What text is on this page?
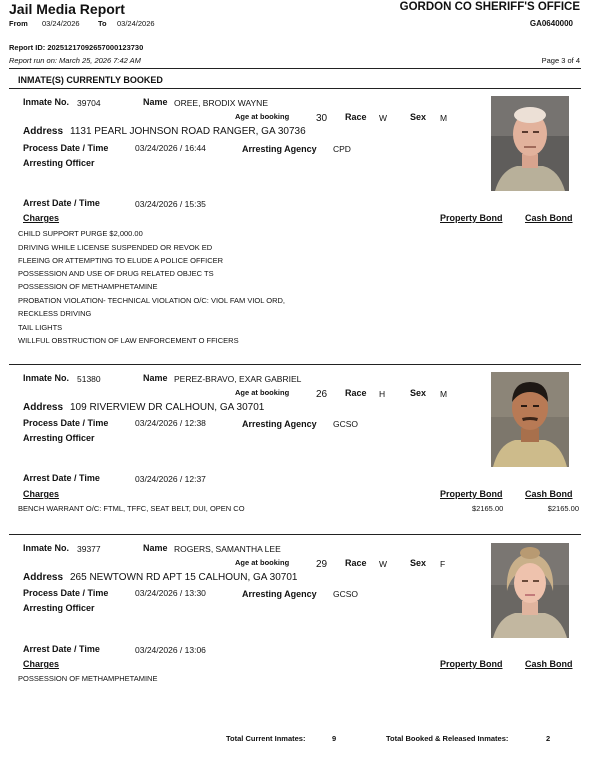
Jail Media Report
From 03/24/2026 To 03/24/2026
GORDON CO SHERIFF'S OFFICE
GA0640000
Report ID: 20251217092657000123730
Report run on: March 25, 2026 7:42 AM	Page 3 of 4
INMATE(S) CURRENTLY BOOKED
Inmate No. 39704	Name OREE, BRODIX WAYNE
Age at booking	30 Race W	Sex M
Address 1131 PEARL JOHNSON ROAD RANGER, GA 30736
Process Date / Time	03/24/2026 / 16:44	Arresting Agency CPD
Arresting Officer
Arrest Date / Time	03/24/2026 / 15:35
Charges	Property Bond Cash Bond
CHILD SUPPORT PURGE $2,000.00
DRIVING WHILE LICENSE SUSPENDED OR REVOK ED
FLEEING OR ATTEMPTING TO ELUDE A POLICE OFFICER
POSSESSION AND USE OF DRUG RELATED OBJEC TS
POSSESSION OF METHAMPHETAMINE
PROBATION VIOLATION- TECHNICAL VIOLATION O/C: VIOL FAM VIOL ORD,
RECKLESS DRIVING
TAIL LIGHTS
WILLFUL OBSTRUCTION OF LAW ENFORCEMENT O FFICERS
Inmate No. 51380	Name PEREZ-BRAVO, EXAR GABRIEL
Age at booking	26 Race H	Sex M
Address 109 RIVERVIEW DR CALHOUN, GA 30701
Process Date / Time	03/24/2026 / 12:38	Arresting Agency GCSO
Arresting Officer
Arrest Date / Time	03/24/2026 / 12:37
Charges	Property Bond Cash Bond
BENCH WARRANT O/C: FTML, TFFC, SEAT BELT, DUI, OPEN CO	$2165.00	$2165.00
Inmate No. 39377	Name ROGERS, SAMANTHA LEE
Age at booking	29 Race W	Sex F
Address 265 NEWTOWN RD APT 15 CALHOUN, GA 30701
Process Date / Time	03/24/2026 / 13:30	Arresting Agency GCSO
Arresting Officer
Arrest Date / Time	03/24/2026 / 13:06
Charges	Property Bond Cash Bond
POSSESSION OF METHAMPHETAMINE
Total Current Inmates:	9	Total Booked & Released Inmates:	2
